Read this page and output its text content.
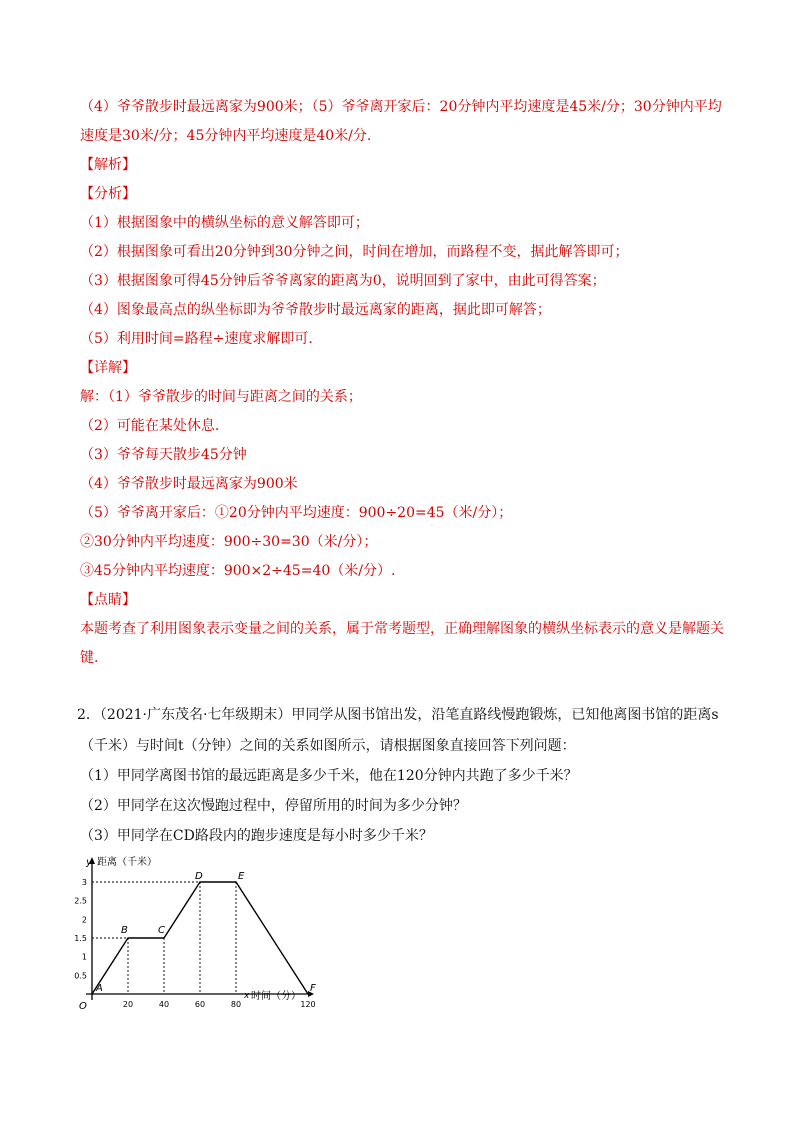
（4）爷爷散步时最远离家为900米；（5）爷爷离开家后：20分钟内平均速度是45米/分；30分钟内平均
速度是30米/分；45分钟内平均速度是40米/分.
【解析】
【分析】
（1）根据图象中的横纵坐标的意义解答即可；
（2）根据图象可看出20分钟到30分钟之间，时间在增加，而路程不变，据此解答即可；
（3）根据图象可得45分钟后爷爷离家的距离为0，说明回到了家中，由此可得答案；
（4）图象最高点的纵坐标即为爷爷散步时最远离家的距离，据此即可解答；
（5）利用时间=路程÷速度求解即可.
【详解】
解：（1）爷爷散步的时间与距离之间的关系；
（2）可能在某处休息.
（3）爷爷每天散步45分钟
（4）爷爷散步时最远离家为900米
（5）爷爷离开家后：①20分钟内平均速度：900÷20=45（米/分）；
②30分钟内平均速度：900÷30=30（米/分）；
③45分钟内平均速度：900×2÷45=40（米/分）.
【点睛】
本题考查了利用图象表示变量之间的关系，属于常考题型，正确理解图象的横纵坐标表示的意义是解题关
键.
2．（2021·广东茂名·七年级期末）甲同学从图书馆出发，沿笔直路线慢跑锻炼，已知他离图书馆的距离s
（千米）与时间t（分钟）之间的关系如图所示，请根据图象直接回答下列问题：
（1）甲同学离图书馆的最远距离是多少千米，他在120分钟内共跑了多少千米？
（2）甲同学在这次慢跑过程中，停留所用的时间为多少分钟？
（3）甲同学在CD路段内的跑步速度是每小时多少千米？
y 距离（千米）
x 时间（分）
O
0.5
1
1.5
2
2.5
3
20	40	60	80	120
A
B	C
D	E
F
